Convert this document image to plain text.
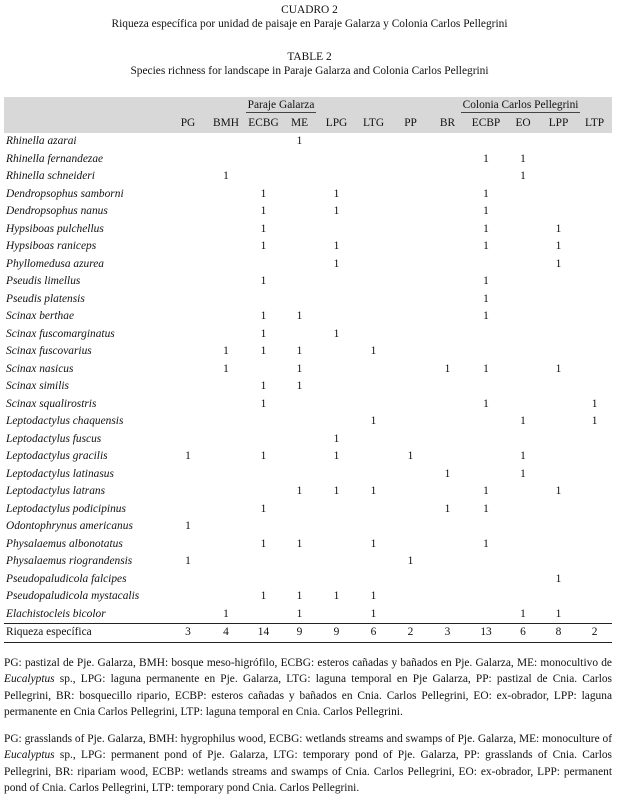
CUADRO 2
Riqueza específica por unidad de paisaje en Paraje Galarza y Colonia Carlos Pellegrini
TABLE 2
Species richness for landscape in Paraje Galarza and Colonia Carlos Pellegrini
	Paraje Galarza							Colonia Carlos Pellegrini				
	PG	BMH	ECBG	ME	LPG	LTG	PP	BR	ECBP	EO	LPP	LTP
Rhinella azarai				1								
Rhinella fernandezae									1	1		
Rhinella schneideri		1								1		
Dendropsophus samborni			1		1				1			
Dendropsophus nanus			1		1				1			
Hypsiboas pulchellus			1						1		1	
Hypsiboas raniceps			1		1				1		1	
Phyllomedusa azurea					1						1	
Pseudis limellus			1						1			
Pseudis platensis									1			
Scinax berthae			1	1					1			
Scinax fuscomarginatus			1		1							
Scinax fuscovarius		1	1	1		1						
Scinax nasicus		1		1				1	1		1	
Scinax similis			1	1								
Scinax squalirostris			1						1			1
Leptodactylus chaquensis						1				1		1
Leptodactylus fuscus					1							
Leptodactylus gracilis	1		1		1		1			1		
Leptodactylus latinasus								1		1		
Leptodactylus latrans				1	1	1			1		1	
Leptodactylus podicipinus			1					1	1			
Odontophrynus americanus	1											
Physalaemus albonotatus			1	1		1			1			
Physalaemus riograndensis	1						1					
Pseudopaludicola falcipes											1	
Pseudopaludicola mystacalis			1	1	1	1						
Elachistocleis bicolor		1		1		1				1	1	
Riqueza específica	3	4	14	9	9	6	2	3	13	6	8	2
PG: pastizal de Pje. Galarza, BMH: bosque meso-higrófilo, ECBG: esteros cañadas y bañados en Pje. Galarza, ME: monocultivo de Eucalyptus sp., LPG: laguna permanente en Pje. Galarza, LTG: laguna temporal en Pje Galarza, PP: pastizal de Cnia. Carlos Pellegrini, BR: bosquecillo ripario, ECBP: esteros cañadas y bañados en Cnia. Carlos Pellegrini, EO: ex-obrador, LPP: laguna permanente en Cnia Carlos Pellegrini, LTP: laguna temporal en Cnia. Carlos Pellegrini.
PG: grasslands of Pje. Galarza, BMH: hygrophilus wood, ECBG: wetlands streams and swamps of Pje. Galarza, ME: monoculture of Eucalyptus sp., LPG: permanent pond of Pje. Galarza, LTG: temporary pond of Pje. Galarza, PP: grasslands of Cnia. Carlos Pellegrini, BR: ripariam wood, ECBP: wetlands streams and swamps of Cnia. Carlos Pellegrini, EO: ex-obrador, LPP: permanent pond of Cnia. Carlos Pellegrini, LTP: temporary pond Cnia. Carlos Pellegrini.
